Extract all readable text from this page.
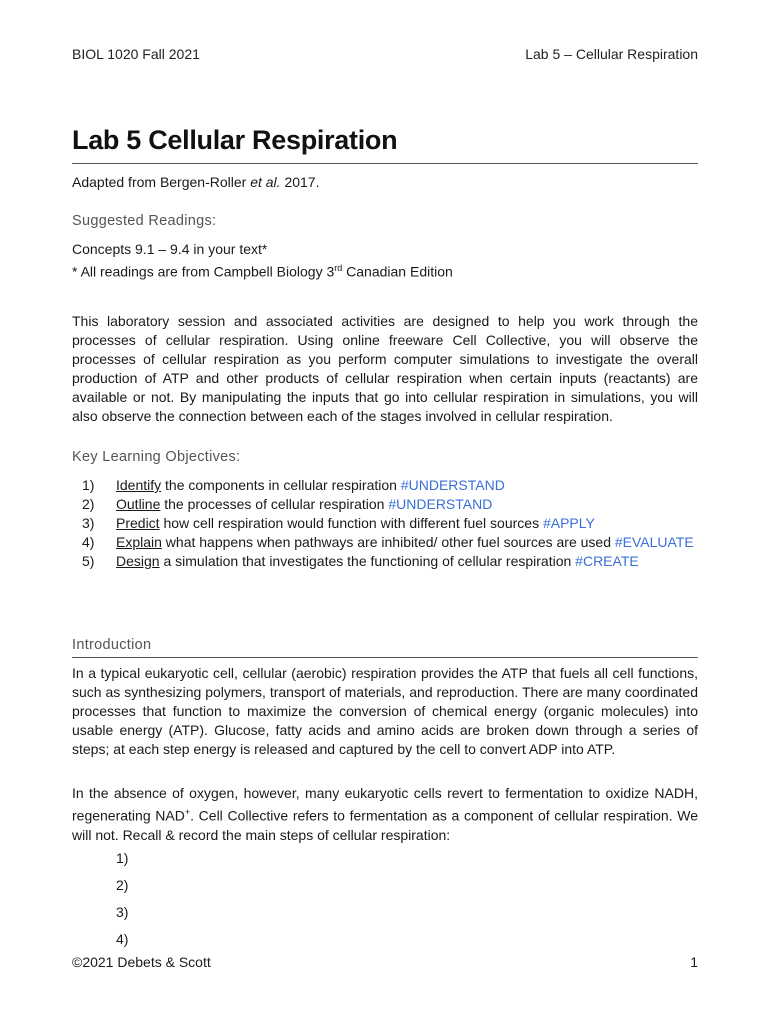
BIOL 1020 Fall 2021	Lab 5 – Cellular Respiration
Lab 5 Cellular Respiration
Adapted from Bergen-Roller et al. 2017.
Suggested Readings:
Concepts 9.1 – 9.4 in your text*
* All readings are from Campbell Biology 3rd Canadian Edition

This laboratory session and associated activities are designed to help you work through the processes of cellular respiration. Using online freeware Cell Collective, you will observe the processes of cellular respiration as you perform computer simulations to investigate the overall production of ATP and other products of cellular respiration when certain inputs (reactants) are available or not. By manipulating the inputs that go into cellular respiration in simulations, you will also observe the connection between each of the stages involved in cellular respiration.

Key Learning Objectives:
1)	Identify the components in cellular respiration #UNDERSTAND
2)	Outline the processes of cellular respiration #UNDERSTAND
3)	Predict how cell respiration would function with different fuel sources #APPLY
4)	Explain what happens when pathways are inhibited/ other fuel sources are used #EVALUATE
5)	Design a simulation that investigates the functioning of cellular respiration #CREATE
Introduction

In a typical eukaryotic cell, cellular (aerobic) respiration provides the ATP that fuels all cell functions, such as synthesizing polymers, transport of materials, and reproduction. There are many coordinated processes that function to maximize the conversion of chemical energy (organic molecules) into usable energy (ATP). Glucose, fatty acids and amino acids are broken down through a series of steps; at each step energy is released and captured by the cell to convert ADP into ATP.

In the absence of oxygen, however, many eukaryotic cells revert to fermentation to oxidize NADH, regenerating NAD+. Cell Collective refers to fermentation as a component of cellular respiration. We will not. Recall & record the main steps of cellular respiration:

1)
2)
3)
4)
©2021 Debets & Scott	1
